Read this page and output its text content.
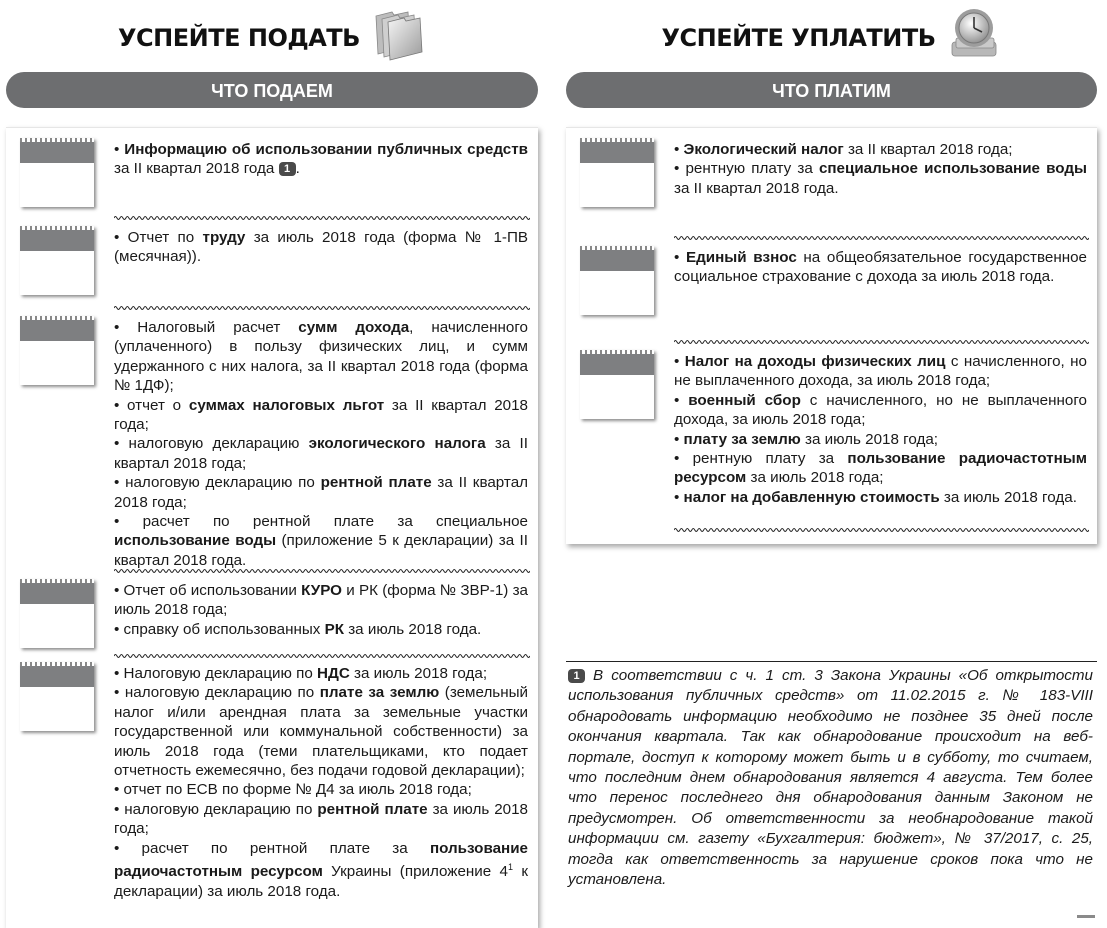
УСПЕЙТЕ ПОДАТЬ
ЧТО ПОДАЕМ

• Информацию об использовании публичных средств за II квартал 2018 года 1 .

• Отчет по труду за июль 2018 года (форма № 1-ПВ (месячная)).

• Налоговый расчет сумм дохода, начисленного (уплаченного) в пользу физических лиц, и сумм удержанного с них налога, за II квартал 2018 года (форма № 1ДФ);

• отчет о суммах налоговых льгот за II квартал 2018 года;

• налоговую декларацию экологического налога за II квартал 2018 года;

• налоговую декларацию по рентной плате за II квартал 2018 года;

• расчет по рентной плате за специальное использование воды (приложение 5 к декларации) за II квартал 2018 года.

• Отчет об использовании КУРО и РК (форма № ЗВР-1) за июль 2018 года;

• справку об использованных РК за июль 2018 года.

• Налоговую декларацию по НДС за июль 2018 года;

• налоговую декларацию по плате за землю (земельный налог и/или арендная плата за земельные участки государственной или коммунальной собственности) за июль 2018 года (теми плательщиками, кто подает отчетность ежемесячно, без подачи годовой декларации);

• отчет по ЕСВ по форме № Д4 за июль 2018 года;

• налоговую декларацию по рентной плате за июль 2018 года;

• расчет по рентной плате за пользование радиочастотным ресурсом Украины (приложение $4^1$ к декларации) за июль 2018 года.

УСПЕЙТЕ УПЛАТИТЬ
ЧТО ПЛАТИМ

• Экологический налог за II квартал 2018 года;

• рентную плату за специальное использование воды за II квартал 2018 года.

• Единый взнос на общеобязательное государственное социальное страхование с дохода за июль 2018 года.

• Налог на доходы физических лиц с начисленного, но не выплаченного дохода, за июль 2018 года;

• военный сбор с начисленного, но не выплаченного дохода, за июль 2018 года;

• плату за землю за июль 2018 года;

• рентную плату за пользование радиочастотным ресурсом за июль 2018 года;

• налог на добавленную стоимость за июль 2018 года.

1 В соответствии с ч. 1 ст. 3 Закона Украины «Об открытости использования публичных средств» от 11.02.2015 г. № 183-VIII обнародовать информацию необходимо не позднее 35 дней после окончания квартала. Так как обнародование происходит на веб-портале, доступ к которому может быть и в субботу, то считаем, что последним днем обнародования является 4 августа. Тем более что перенос последнего дня обнародования данным Законом не предусмотрен. Об ответственности за необнародование такой информации см. газету «Бухгалтерия: бюджет», № 37/2017, с. 25, тогда как ответственность за нарушение сроков пока что не установлена.
